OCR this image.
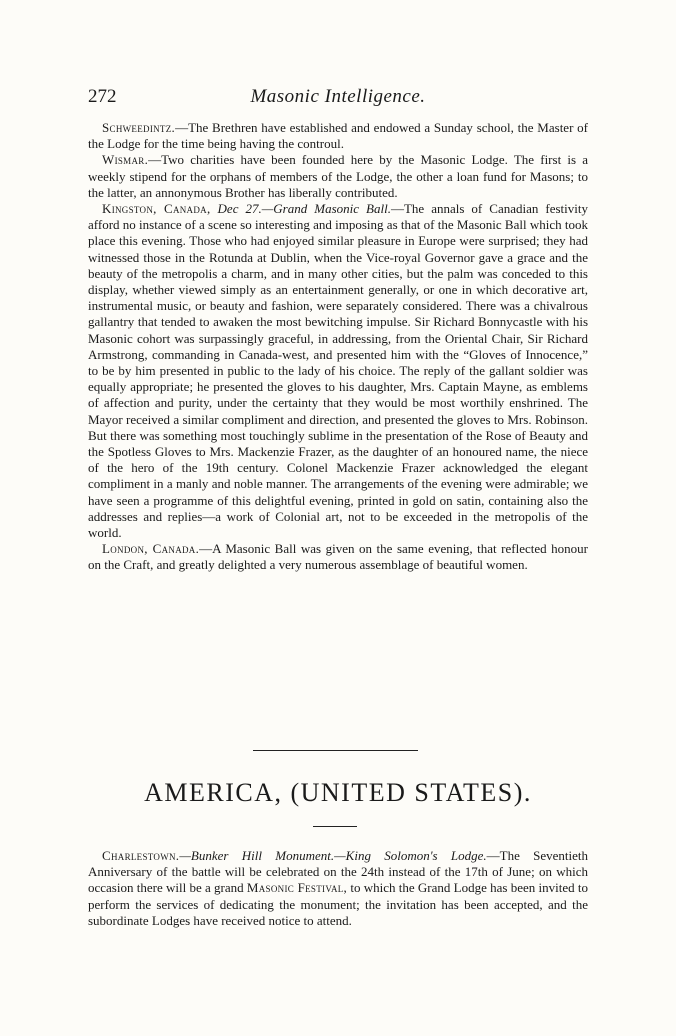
272	Masonic Intelligence.

Schweedintz.—The Brethren have established and endowed a Sunday school, the Master of the Lodge for the time being having the controul.

Wismar.—Two charities have been founded here by the Masonic Lodge. The first is a weekly stipend for the orphans of members of the Lodge, the other a loan fund for Masons; to the latter, an annonymous Brother has liberally contributed.

Kingston, Canada, Dec 27.—Grand Masonic Ball.—The annals of Canadian festivity afford no instance of a scene so interesting and imposing as that of the Masonic Ball which took place this evening. Those who had enjoyed similar pleasure in Europe were surprised; they had witnessed those in the Rotunda at Dublin, when the Vice-royal Governor gave a grace and the beauty of the metropolis a charm, and in many other cities, but the palm was conceded to this display, whether viewed simply as an entertainment generally, or one in which decorative art, instrumental music, or beauty and fashion, were separately considered. There was a chivalrous gallantry that tended to awaken the most bewitching impulse. Sir Richard Bonnycastle with his Masonic cohort was surpassingly graceful, in addressing, from the Oriental Chair, Sir Richard Armstrong, commanding in Canada-west, and presented him with the “Gloves of Innocence,” to be by him presented in public to the lady of his choice. The reply of the gallant soldier was equally appropriate; he presented the gloves to his daughter, Mrs. Captain Mayne, as emblems of affection and purity, under the certainty that they would be most worthily enshrined. The Mayor received a similar compliment and direction, and presented the gloves to Mrs. Robinson. But there was something most touchingly sublime in the presentation of the Rose of Beauty and the Spotless Gloves to Mrs. Mackenzie Frazer, as the daughter of an honoured name, the niece of the hero of the 19th century. Colonel Mackenzie Frazer acknowledged the elegant compliment in a manly and noble manner. The arrangements of the evening were admirable; we have seen a programme of this delightful evening, printed in gold on satin, containing also the addresses and replies—a work of Colonial art, not to be exceeded in the metropolis of the world.

London, Canada.—A Masonic Ball was given on the same evening, that reflected honour on the Craft, and greatly delighted a very numerous assemblage of beautiful women.

AMERICA, (UNITED STATES).

Charlestown.—Bunker Hill Monument.—King Solomon's Lodge.—The Seventieth Anniversary of the battle will be celebrated on the 24th instead of the 17th of June; on which occasion there will be a grand Masonic Festival, to which the Grand Lodge has been invited to perform the services of dedicating the monument; the invitation has been accepted, and the subordinate Lodges have received notice to attend.
